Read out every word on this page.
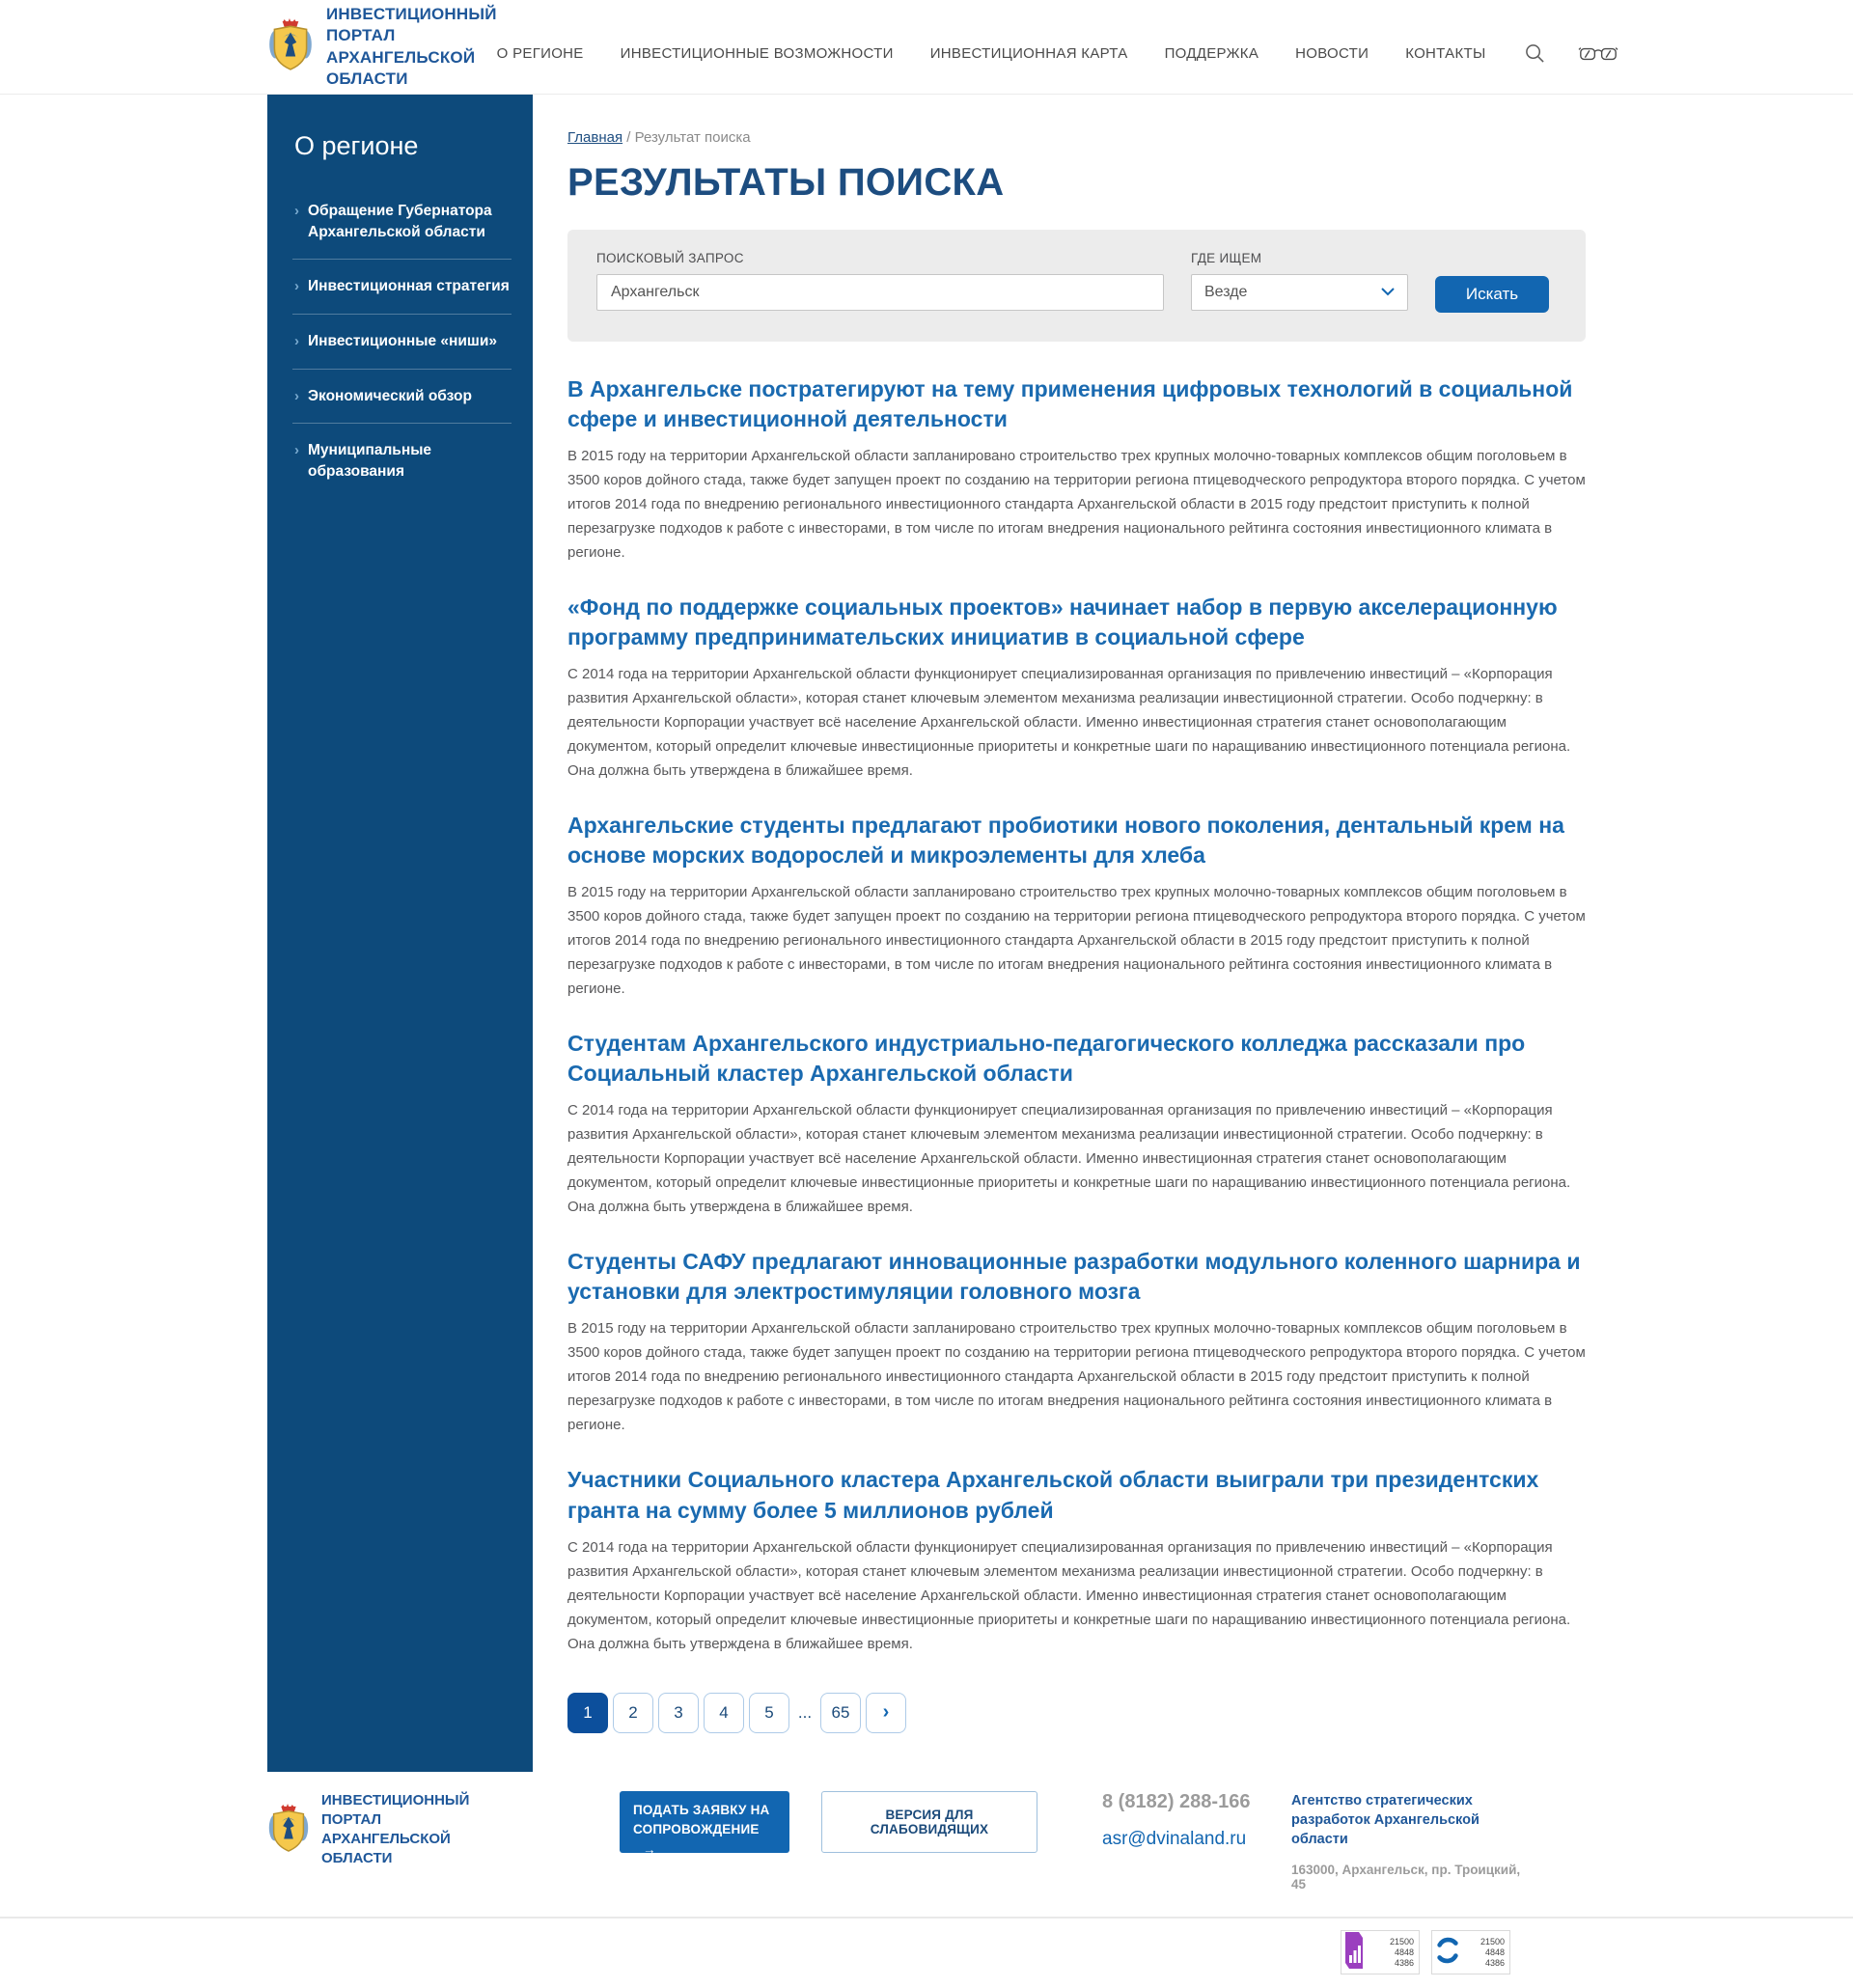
ИНВЕСТИЦИОННЫЙ ПОРТАЛ
АРХАНГЕЛЬСКОЙ ОБЛАСТИ
О РЕГИОНЕ	ИНВЕСТИЦИОННЫЕ ВОЗМОЖНОСТИ	ИНВЕСТИЦИОННАЯ КАРТА	ПОДДЕРЖКА	НОВОСТИ	КОНТАКТЫ
О регионе
› Обращение Губернатора Архангельской области
› Инвестиционная стратегия
› Инвестиционные «ниши»
› Экономический обзор
› Муниципальные образования
Главная / Результат поиска
РЕЗУЛЬТАТЫ ПОИСКА
ПОИСКОВЫЙ ЗАПРОС
Архангельск	ГДЕ ИЩЕМ
Везде	Искать
В Архангельске постратегируют на тему применения цифровых технологий в социальной сфере и инвестиционной деятельности

В 2015 году на территории Архангельской области запланировано строительство трех крупных молочно-товарных комплексов общим поголовьем в 3500 коров дойного стада, также будет запущен проект по созданию на территории региона птицеводческого репродуктора второго порядка. С учетом итогов 2014 года по внедрению регионального инвестиционного стандарта Архангельской области в 2015 году предстоит приступить к полной перезагрузке подходов к работе с инвесторами, в том числе по итогам внедрения национального рейтинга состояния инвестиционного климата в регионе.

«Фонд по поддержке социальных проектов» начинает набор в первую акселерационную программу предпринимательских инициатив в социальной сфере

С 2014 года на территории Архангельской области функционирует специализированная организация по привлечению инвестиций – «Корпорация развития Архангельской области», которая станет ключевым элементом механизма реализации инвестиционной стратегии. Особо подчеркну: в деятельности Корпорации участвует всё население Архангельской области. Именно инвестиционная стратегия станет основополагающим документом, который определит ключевые инвестиционные приоритеты и конкретные шаги по наращиванию инвестиционного потенциала региона. Она должна быть утверждена в ближайшее время.

Архангельские студенты предлагают пробиотики нового поколения, дентальный крем на основе морских водорослей и микроэлементы для хлеба

В 2015 году на территории Архангельской области запланировано строительство трех крупных молочно-товарных комплексов общим поголовьем в 3500 коров дойного стада, также будет запущен проект по созданию на территории региона птицеводческого репродуктора второго порядка. С учетом итогов 2014 года по внедрению регионального инвестиционного стандарта Архангельской области в 2015 году предстоит приступить к полной перезагрузке подходов к работе с инвесторами, в том числе по итогам внедрения национального рейтинга состояния инвестиционного климата в регионе.

Студентам Архангельского индустриально-педагогического колледжа рассказали про Социальный кластер Архангельской области

С 2014 года на территории Архангельской области функционирует специализированная организация по привлечению инвестиций – «Корпорация развития Архангельской области», которая станет ключевым элементом механизма реализации инвестиционной стратегии. Особо подчеркну: в деятельности Корпорации участвует всё население Архангельской области. Именно инвестиционная стратегия станет основополагающим документом, который определит ключевые инвестиционные приоритеты и конкретные шаги по наращиванию инвестиционного потенциала региона. Она должна быть утверждена в ближайшее время.

Студенты САФУ предлагают инновационные разработки модульного коленного шарнира и установки для электростимуляции головного мозга

В 2015 году на территории Архангельской области запланировано строительство трех крупных молочно-товарных комплексов общим поголовьем в 3500 коров дойного стада, также будет запущен проект по созданию на территории региона птицеводческого репродуктора второго порядка. С учетом итогов 2014 года по внедрению регионального инвестиционного стандарта Архангельской области в 2015 году предстоит приступить к полной перезагрузке подходов к работе с инвесторами, в том числе по итогам внедрения национального рейтинга состояния инвестиционного климата в регионе.

Участники Социального кластера Архангельской области выиграли три президентских гранта на сумму более 5 миллионов рублей

С 2014 года на территории Архангельской области функционирует специализированная организация по привлечению инвестиций – «Корпорация развития Архангельской области», которая станет ключевым элементом механизма реализации инвестиционной стратегии. Особо подчеркну: в деятельности Корпорации участвует всё население Архангельской области. Именно инвестиционная стратегия станет основополагающим документом, который определит ключевые инвестиционные приоритеты и конкретные шаги по наращиванию инвестиционного потенциала региона. Она должна быть утверждена в ближайшее время.

1	2	3	4	5	...	65	›
ИНВЕСТИЦИОННЫЙ ПОРТАЛ
АРХАНГЕЛЬСКОЙ ОБЛАСТИ
ПОДАТЬ ЗАЯВКУ НА
СОПРОВОЖДЕНИЕ →
ВЕРСИЯ ДЛЯ СЛАБОВИДЯЩИХ
8 (8182) 288-166
asr@dvinaland.ru
Агентство стратегических разработок Архангельской области
163000, Архангельск, пр. Троицкий, 45
21500
4848
4386
21500
4848
4386
